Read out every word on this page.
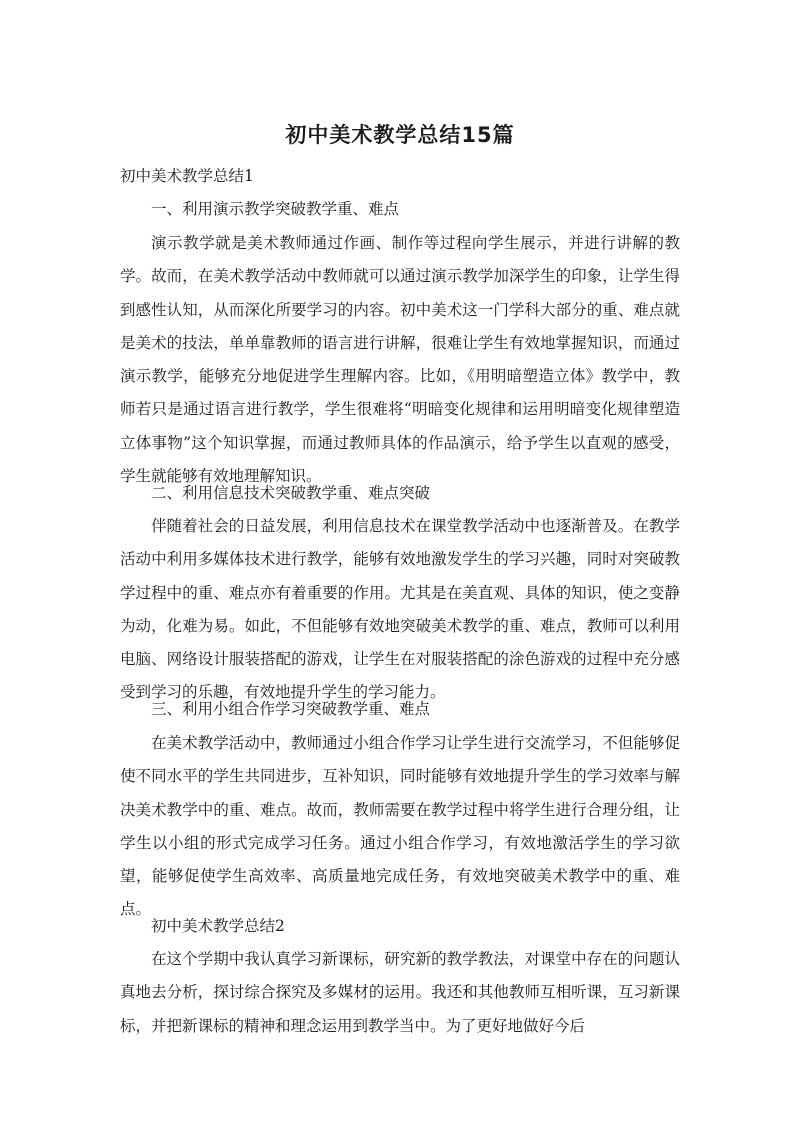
初中美术教学总结15篇
初中美术教学总结1
一、利用演示教学突破教学重、难点

演示教学就是美术教师通过作画、制作等过程向学生展示，并进行讲解的教学。故而，在美术教学活动中教师就可以通过演示教学加深学生的印象，让学生得到感性认知，从而深化所要学习的内容。初中美术这一门学科大部分的重、难点就是美术的技法，单单靠教师的语言进行讲解，很难让学生有效地掌握知识，而通过演示教学，能够充分地促进学生理解内容。比如，《用明暗塑造立体》教学中，教师若只是通过语言进行教学，学生很难将“明暗变化规律和运用明暗变化规律塑造立体事物”这个知识掌握，而通过教师具体的作品演示，给予学生以直观的感受，学生就能够有效地理解知识。

二、利用信息技术突破教学重、难点突破

伴随着社会的日益发展，利用信息技术在课堂教学活动中也逐渐普及。在教学活动中利用多媒体技术进行教学，能够有效地激发学生的学习兴趣，同时对突破教学过程中的重、难点亦有着重要的作用。尤其是在美直观、具体的知识，使之变静为动，化难为易。如此，不但能够有效地突破美术教学的重、难点，教师可以利用电脑、网络设计服装搭配的游戏，让学生在对服装搭配的涂色游戏的过程中充分感受到学习的乐趣，有效地提升学生的学习能力。

三、利用小组合作学习突破教学重、难点

在美术教学活动中，教师通过小组合作学习让学生进行交流学习，不但能够促使不同水平的学生共同进步，互补知识，同时能够有效地提升学生的学习效率与解决美术教学中的重、难点。故而，教师需要在教学过程中将学生进行合理分组，让学生以小组的形式完成学习任务。通过小组合作学习，有效地激活学生的学习欲望，能够促使学生高效率、高质量地完成任务，有效地突破美术教学中的重、难点。

初中美术教学总结2

在这个学期中我认真学习新课标，研究新的教学教法，对课堂中存在的问题认真地去分析，探讨综合探究及多媒材的运用。我还和其他教师互相听课，互习新课标，并把新课标的精神和理念运用到教学当中。为了更好地做好今后
